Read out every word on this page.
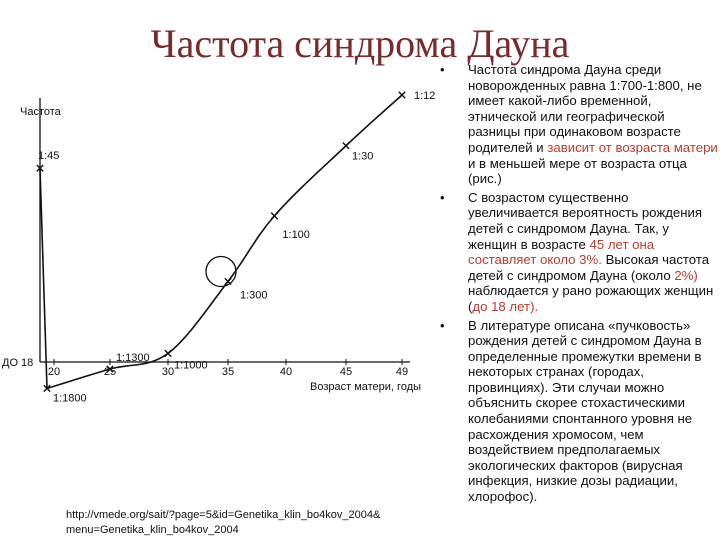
Частота синдрома Дауна
Частота
Возраст матери, годы
ДО 18
20	25	30	35	40	45	49
1:45
1:1800
1:1300
1:1000
1:300
1:100
1:30
1:12
http://vmede.org/sait/?page=5&id=Genetika_klin_bo4kov_2004&
menu=Genetika_klin_bo4kov_2004
• Частота синдрома Дауна среди новорожденных равна 1:700-1:800, не имеет какой-либо временной, этнической или географической разницы при одинаковом возрасте родителей и зависит от возраста матери и в меньшей мере от возраста отца (рис.)
• С возрастом существенно увеличивается вероятность рождения детей с синдромом Дауна. Так, у женщин в возрасте 45 лет она составляет около 3%. Высокая частота детей с синдромом Дауна (около 2%) наблюдается у рано рожающих женщин (до 18 лет).
• В литературе описана «пучковость» рождения детей с синдромом Дауна в определенные промежутки времени в некоторых странах (городах, провинциях). Эти случаи можно объяснить скорее стохастическими колебаниями спонтанного уровня не расхождения хромосом, чем воздействием предполагаемых экологических факторов (вирусная инфекция, низкие дозы радиации, хлорофос).
